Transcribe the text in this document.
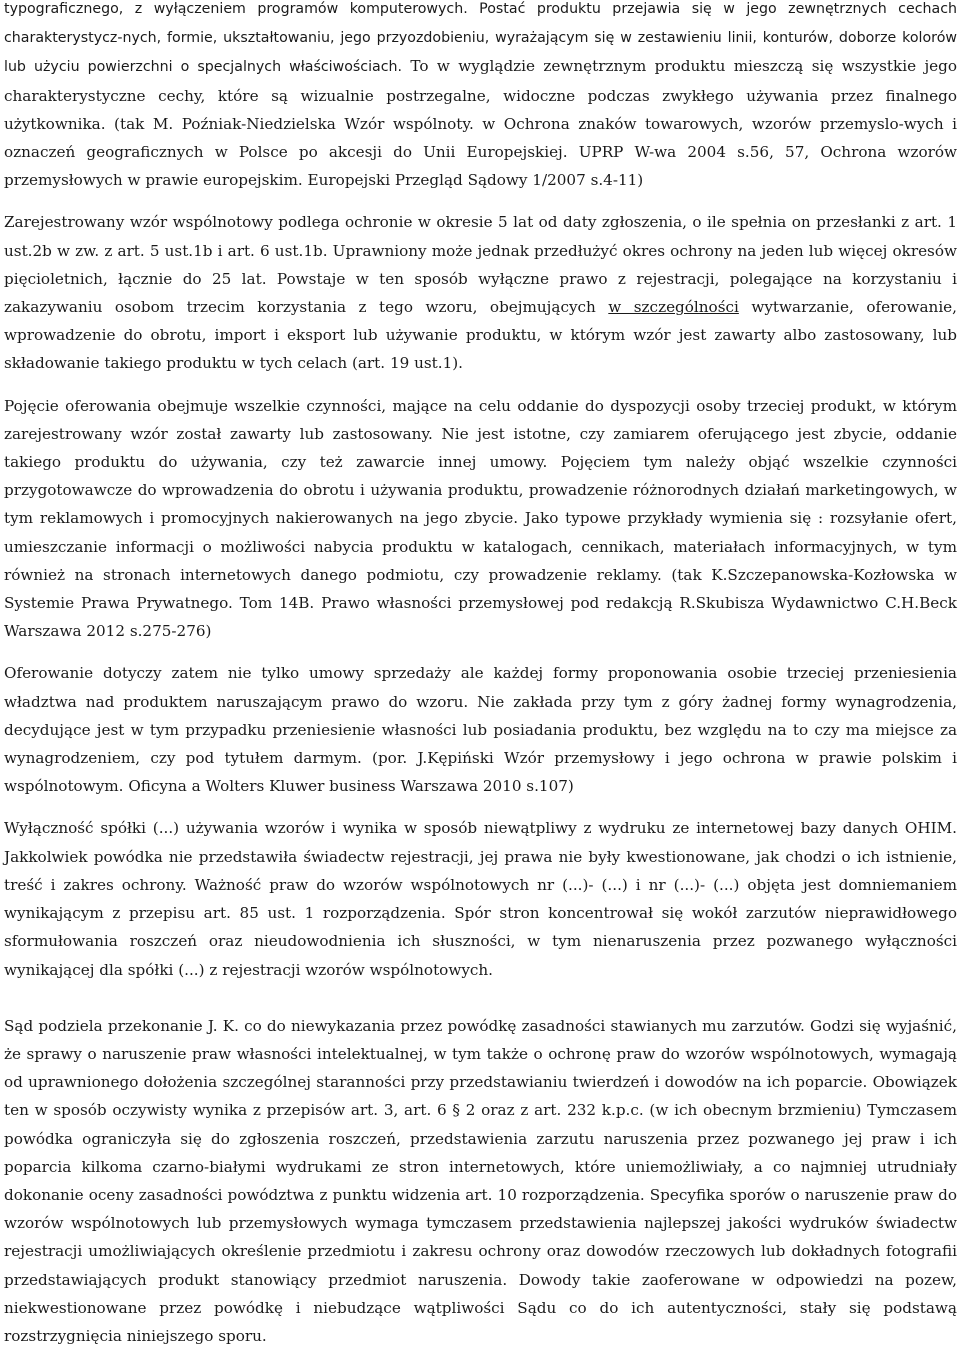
typograficznego, z wyłączeniem programów komputerowych. Postać produktu przejawia się w jego zewnętrznych cechach charakterystycz-nych, formie, ukształtowaniu, jego przyozdobieniu, wyrażającym się w zestawieniu linii, konturów, doborze kolorów lub użyciu powierzchni o specjalnych właściwościach. To w wyglądzie zewnętrznym produktu mieszczą się wszystkie jego charakterystyczne cechy, które są wizualnie postrzegalne, widoczne podczas zwykłego używania przez finalnego użytkownika. (tak M. Poźniak-Niedzielska Wzór wspólnoty. w Ochrona znaków towarowych, wzorów przemyslo-wych i oznaczeń geograficznych w Polsce po akcesji do Unii Europejskiej. UPRP W-wa 2004 s.56, 57, Ochrona wzorów przemysłowych w prawie europejskim. Europejski Przegląd Sądowy 1/2007 s.4-11)

Zarejestrowany wzór wspólnotowy podlega ochronie w okresie 5 lat od daty zgłoszenia, o ile spełnia on przesłanki z art. 1 ust.2b w zw. z art. 5 ust.1b i art. 6 ust.1b. Uprawniony może jednak przedłużyć okres ochrony na jeden lub więcej okresów pięcioletnich, łącznie do 25 lat. Powstaje w ten sposób wyłączne prawo z rejestracji, polegające na korzystaniu i zakazywaniu osobom trzecim korzystania z tego wzoru, obejmujących w szczególności wytwarzanie, oferowanie, wprowadzenie do obrotu, import i eksport lub używanie produktu, w którym wzór jest zawarty albo zastosowany, lub składowanie takiego produktu w tych celach (art. 19 ust.1).

Pojęcie oferowania obejmuje wszelkie czynności, mające na celu oddanie do dyspozycji osoby trzeciej produkt, w którym zarejestrowany wzór został zawarty lub zastosowany. Nie jest istotne, czy zamiarem oferującego jest zbycie, oddanie takiego produktu do używania, czy też zawarcie innej umowy. Pojęciem tym należy objąć wszelkie czynności przygotowawcze do wprowadzenia do obrotu i używania produktu, prowadzenie różnorodnych działań marketingowych, w tym reklamowych i promocyjnych nakierowanych na jego zbycie. Jako typowe przykłady wymienia się : rozsyłanie ofert, umieszczanie informacji o możliwości nabycia produktu w katalogach, cennikach, materiałach informacyjnych, w tym również na stronach internetowych danego podmiotu, czy prowadzenie reklamy. (tak K.Szczepanowska-Kozłowska w Systemie Prawa Prywatnego. Tom 14B. Prawo własności przemysłowej pod redakcją R.Skubisza Wydawnictwo C.H.Beck Warszawa 2012 s.275-276)

Oferowanie dotyczy zatem nie tylko umowy sprzedaży ale każdej formy proponowania osobie trzeciej przeniesienia władztwa nad produktem naruszającym prawo do wzoru. Nie zakłada przy tym z góry żadnej formy wynagrodzenia, decydujące jest w tym przypadku przeniesienie własności lub posiadania produktu, bez względu na to czy ma miejsce za wynagrodzeniem, czy pod tytułem darmym. (por. J.Kępiński Wzór przemysłowy i jego ochrona w prawie polskim i wspólnotowym. Oficyna a Wolters Kluwer business Warszawa 2010 s.107)

Wyłączność spółki (...) używania wzorów i wynika w sposób niewątpliwy z wydruku ze internetowej bazy danych OHIM. Jakkolwiek powódka nie przedstawiła świadectw rejestracji, jej prawa nie były kwestionowane, jak chodzi o ich istnienie, treść i zakres ochrony. Ważność praw do wzorów wspólnotowych nr (...)- (...) i nr (...)- (...) objęta jest domniemaniem wynikającym z przepisu art. 85 ust. 1 rozporządzenia. Spór stron koncentrował się wokół zarzutów nieprawidłowego sformułowania roszczeń oraz nieudowodnienia ich słuszności, w tym nienaruszenia przez pozwanego wyłączności wynikającej dla spółki (...) z rejestracji wzorów wspólnotowych.

Sąd podziela przekonanie J. K. co do niewykazania przez powódkę zasadności stawianych mu zarzutów. Godzi się wyjaśnić, że sprawy o naruszenie praw własności intelektualnej, w tym także o ochronę praw do wzorów wspólnotowych, wymagają od uprawnionego dołożenia szczególnej staranności przy przedstawianiu twierdzeń i dowodów na ich poparcie. Obowiązek ten w sposób oczywisty wynika z przepisów art. 3, art. 6 § 2 oraz z art. 232 k.p.c. (w ich obecnym brzmieniu) Tymczasem powódka ograniczyła się do zgłoszenia roszczeń, przedstawienia zarzutu naruszenia przez pozwanego jej praw i ich poparcia kilkoma czarno-białymi wydrukami ze stron internetowych, które uniemożliwiały, a co najmniej utrudniały dokonanie oceny zasadności powództwa z punktu widzenia art. 10 rozporządzenia. Specyfika sporów o naruszenie praw do wzorów wspólnotowych lub przemysłowych wymaga tymczasem przedstawienia najlepszej jakości wydruków świadectw rejestracji umożliwiających określenie przedmiotu i zakresu ochrony oraz dowodów rzeczowych lub dokładnych fotografii przedstawiających produkt stanowiący przedmiot naruszenia. Dowody takie zaoferowane w odpowiedzi na pozew, niekwestionowane przez powódkę i niebudzące wątpliwości Sądu co do ich autentyczności, stały się podstawą rozstrzygnięcia niniejszego sporu.
